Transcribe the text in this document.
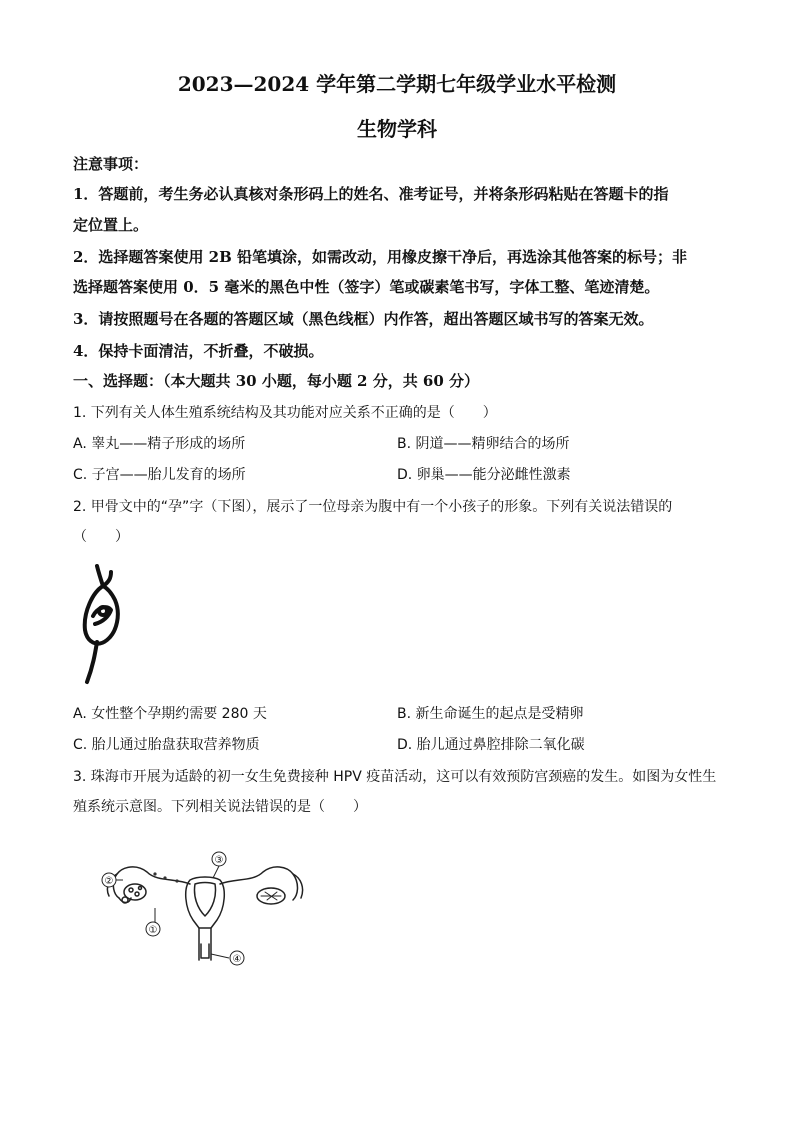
2023—2024 学年第二学期七年级学业水平检测
生物学科
注意事项：
1．答题前，考生务必认真核对条形码上的姓名、准考证号，并将条形码粘贴在答题卡的指
定位置上。
2．选择题答案使用 2B 铅笔填涂，如需改动，用橡皮擦干净后，再选涂其他答案的标号；非
选择题答案使用 0．5 毫米的黑色中性（签字）笔或碳素笔书写，字体工整、笔迹清楚。
3．请按照题号在各题的答题区域（黑色线框）内作答，超出答题区域书写的答案无效。
4．保持卡面清洁，不折叠，不破损。
一、选择题：（本大题共 30 小题，每小题 2 分，共 60 分）
1. 下列有关人体生殖系统结构及其功能对应关系不正确的是（　　）
A. 睾丸——精子形成的场所	B. 阴道——精卵结合的场所
C. 子宫——胎儿发育的场所	D. 卵巢——能分泌雌性激素
2. 甲骨文中的“孕”字（下图），展示了一位母亲为腹中有一个小孩子的形象。下列有关说法错误的
（　　）
A. 女性整个孕期约需要 280 天	B. 新生命诞生的起点是受精卵
C. 胎儿通过胎盘获取营养物质	D. 胎儿通过鼻腔排除二氧化碳
3. 珠海市开展为适龄的初一女生免费接种 HPV 疫苗活动，这可以有效预防宫颈癌的发生。如图为女性生
殖系统示意图。下列相关说法错误的是（　　）
②
①
③
④
